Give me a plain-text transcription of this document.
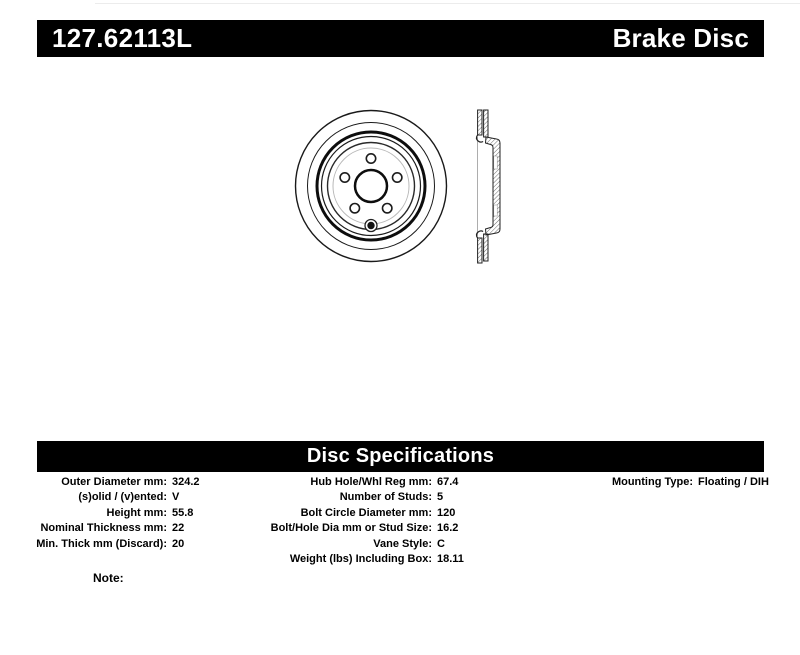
127.62113L	Brake Disc
Disc Specifications
Outer Diameter mm: 324.2
(s)olid / (v)ented: V
Height mm: 55.8
Nominal Thickness mm: 22
Min. Thick mm (Discard): 20
Hub Hole/Whl Reg mm: 67.4
Number of Studs: 5
Bolt Circle Diameter mm: 120
Bolt/Hole Dia mm or Stud Size: 16.2
Vane Style: C
Weight (lbs) Including Box: 18.11
Mounting Type: Floating / DIH
Note:
